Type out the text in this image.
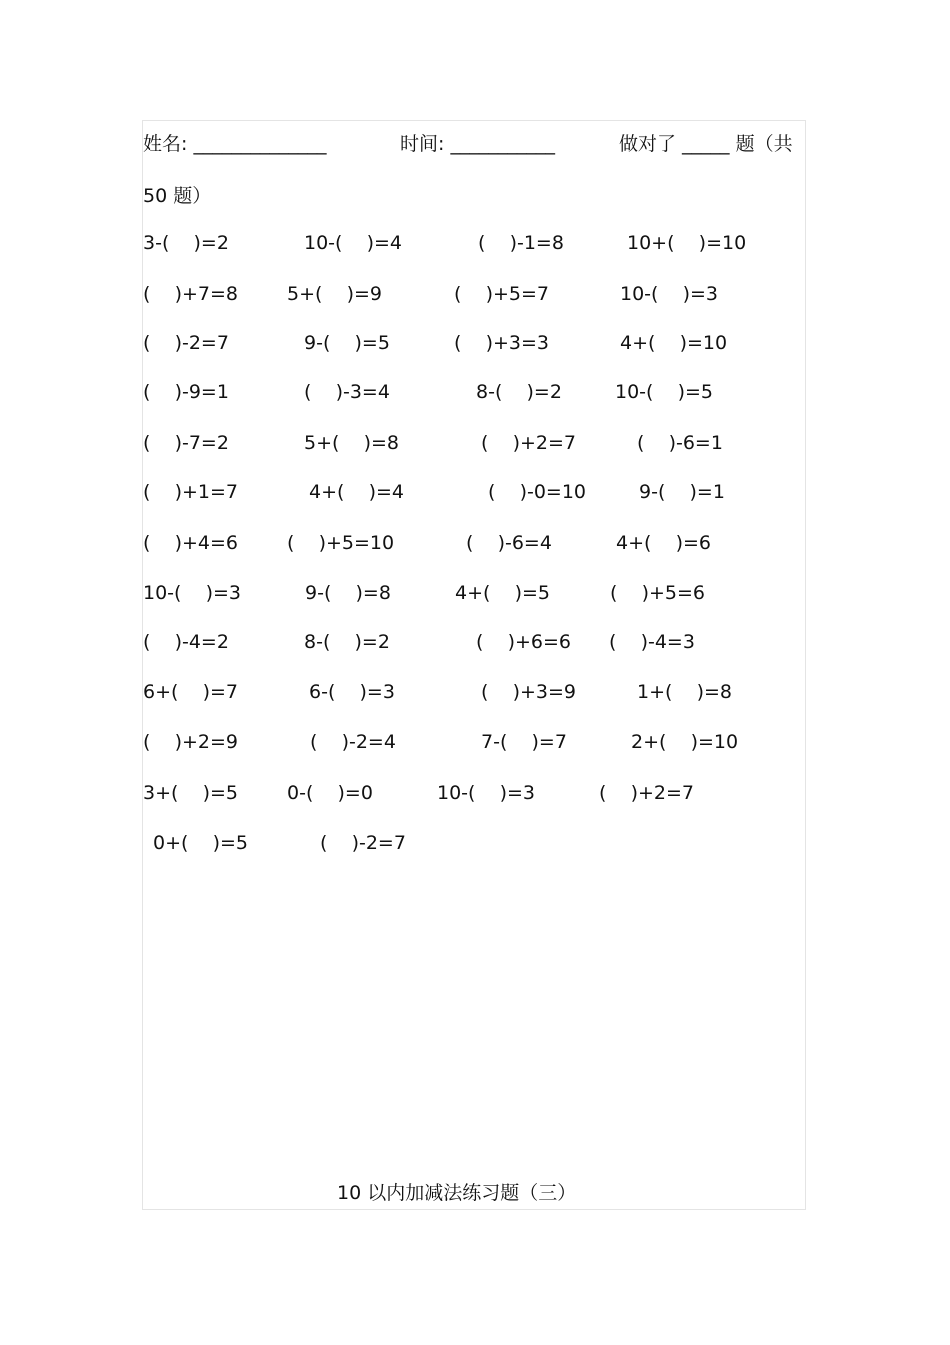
姓名: ______________	时间: ___________	做对了 _____ 题（共
50 题）
3-(    )=2	10-(    )=4	(    )-1=8	10+(    )=10
(    )+7=8	5+(    )=9	(    )+5=7	10-(    )=3
(    )-2=7	9-(    )=5	(    )+3=3	4+(    )=10
(    )-9=1	(    )-3=4	8-(    )=2	10-(    )=5
(    )-7=2	5+(    )=8	(    )+2=7	(    )-6=1
(    )+1=7	4+(    )=4	(    )-0=10	9-(    )=1
(    )+4=6	(    )+5=10	(    )-6=4	4+(    )=6
10-(    )=3	9-(    )=8	4+(    )=5	(    )+5=6
(    )-4=2	8-(    )=2	(    )+6=6 (    )-4=3
6+(    )=7	6-(    )=3	(    )+3=9	1+(    )=8
(    )+2=9	(    )-2=4	7-(    )=7	2+(    )=10
3+(    )=5	0-(    )=0	10-(    )=3	(    )+2=7
0+(    )=5	(    )-2=7
10 以内加减法练习题（三）
